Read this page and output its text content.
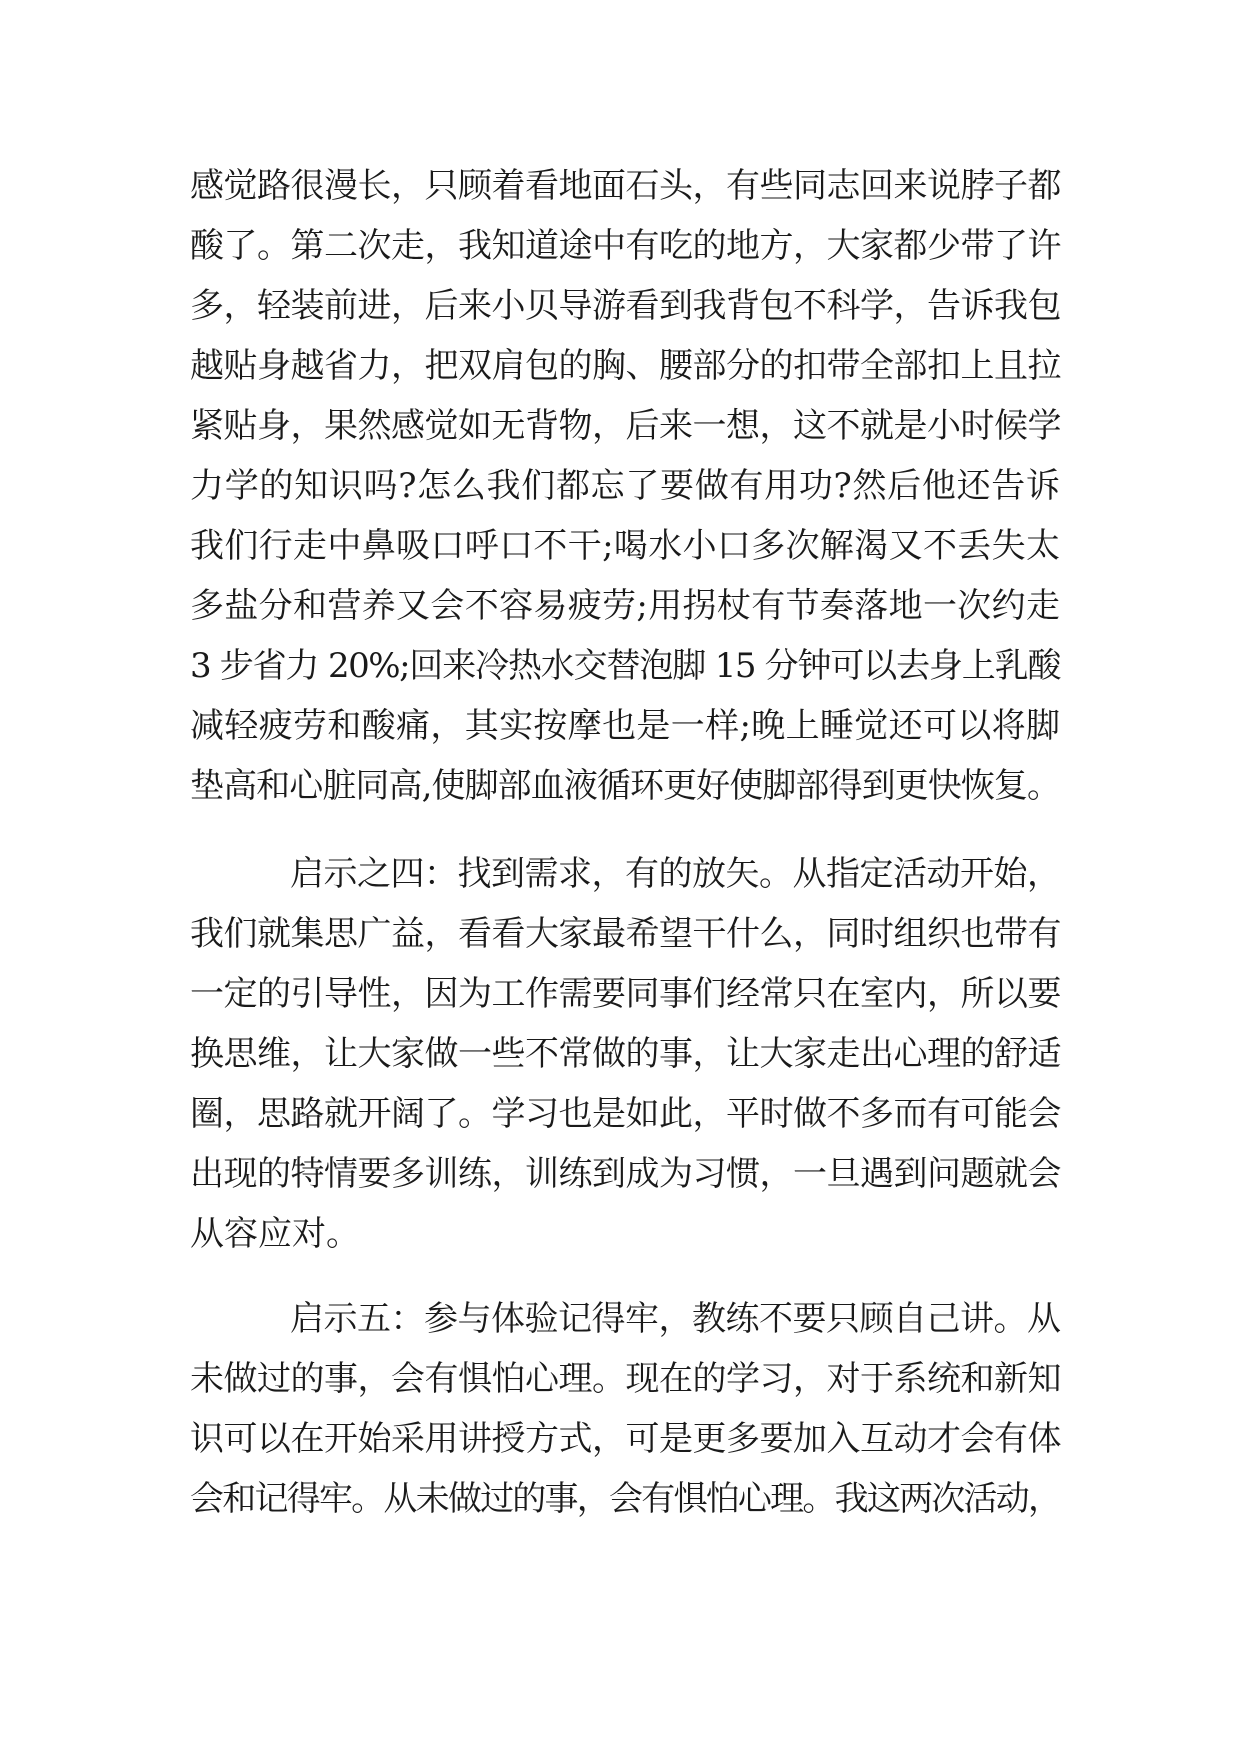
感觉路很漫长，只顾着看地面石头，有些同志回来说脖子都
酸了。第二次走，我知道途中有吃的地方，大家都少带了许
多，轻装前进，后来小贝导游看到我背包不科学，告诉我包
越贴身越省力，把双肩包的胸、腰部分的扣带全部扣上且拉
紧贴身，果然感觉如无背物，后来一想，这不就是小时候学
力学的知识吗?怎么我们都忘了要做有用功?然后他还告诉
我们行走中鼻吸口呼口不干;喝水小口多次解渴又不丢失太
多盐分和营养又会不容易疲劳;用拐杖有节奏落地一次约走
3 步省力 20%;回来冷热水交替泡脚 15 分钟可以去身上乳酸
减轻疲劳和酸痛，其实按摩也是一样;晚上睡觉还可以将脚
垫高和心脏同高,使脚部血液循环更好使脚部得到更快恢复。
启示之四：找到需求，有的放矢。从指定活动开始，
我们就集思广益，看看大家最希望干什么，同时组织也带有
一定的引导性，因为工作需要同事们经常只在室内，所以要
换思维，让大家做一些不常做的事，让大家走出心理的舒适
圈，思路就开阔了。学习也是如此，平时做不多而有可能会
出现的特情要多训练，训练到成为习惯，一旦遇到问题就会
从容应对。
启示五：参与体验记得牢，教练不要只顾自己讲。从
未做过的事，会有惧怕心理。现在的学习，对于系统和新知
识可以在开始采用讲授方式，可是更多要加入互动才会有体
会和记得牢。从未做过的事，会有惧怕心理。我这两次活动，
